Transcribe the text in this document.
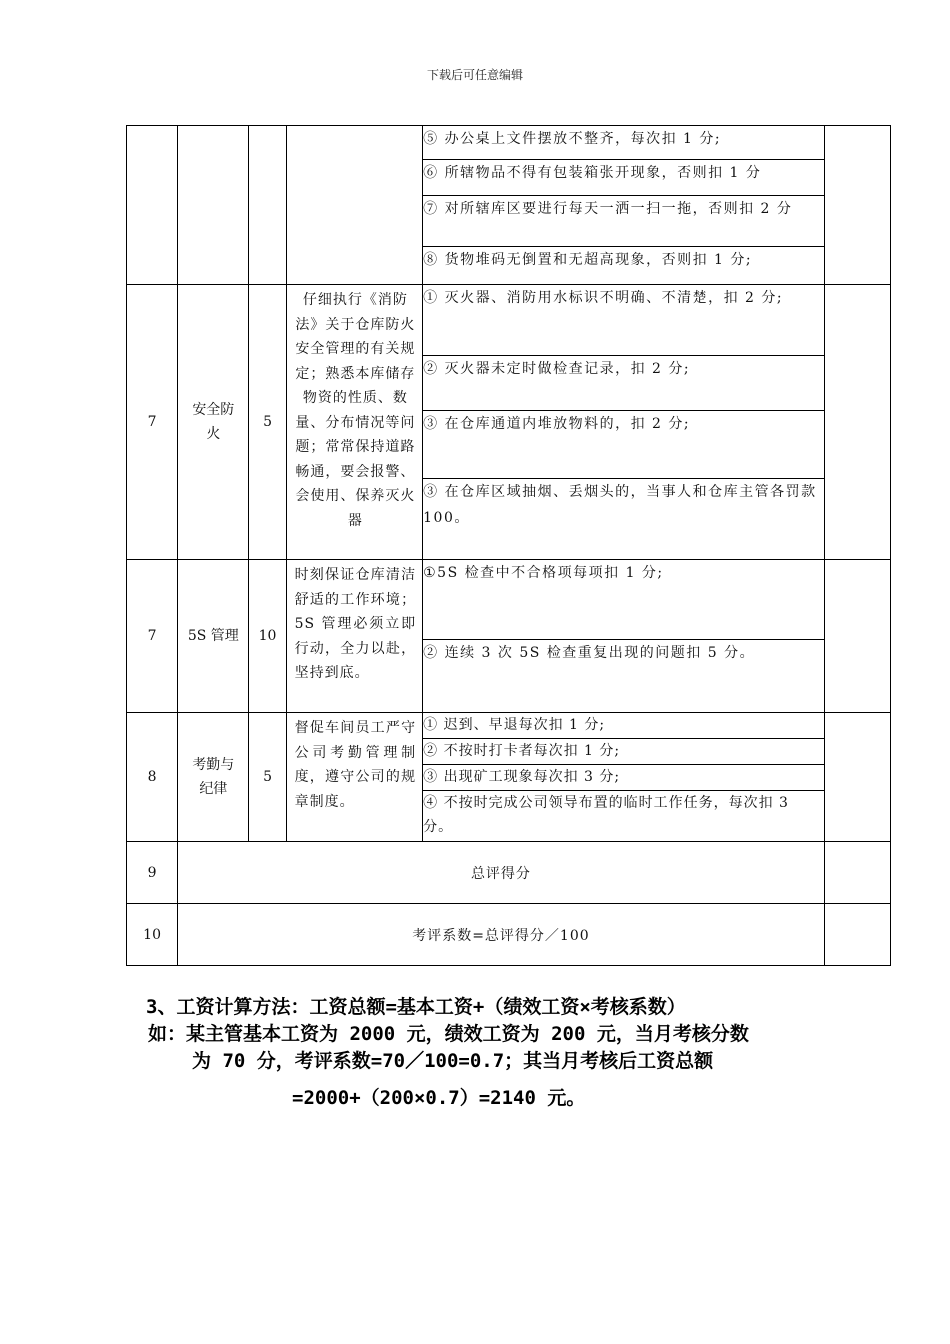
下载后可任意编辑
				⑤ 办公桌上文件摆放不整齐，每次扣 1 分;	
				⑥ 所辖物品不得有包装箱张开现象，否则扣 1 分	
				⑦ 对所辖库区要进行每天一洒一扫一拖，否则扣 2 分	
				⑧ 货物堆码无倒置和无超高现象，否则扣 1 分;	
7	安全防火	5	仔细执行《消防法》关于仓库防火安全管理的有关规定；熟悉本库储存物资的性质、数量、分布情况等问题；常常保持道路畅通，要会报警、会使用、保养灭火器	① 灭火器、消防用水标识不明确、不清楚，扣 2 分;	
				② 灭火器未定时做检查记录，扣 2 分;	
				③ 在仓库通道内堆放物料的，扣 2 分;	
				③ 在仓库区域抽烟、丢烟头的，当事人和仓库主管各罚款 100。	
7	5S 管理	10	时刻保证仓库清洁舒适的工作环境；5S 管理必须立即行动，全力以赴，坚持到底。	①5S 检查中不合格项每项扣 1 分;	
				② 连续 3 次 5S 检查重复出现的问题扣 5 分。	
8	考勤与纪律	5	督促车间员工严守公司考勤管理制度，遵守公司的规章制度。	① 迟到、早退每次扣 1 分;	
				② 不按时打卡者每次扣 1 分;	
				③ 出现矿工现象每次扣 3 分;	
				④ 不按时完成公司领导布置的临时工作任务，每次扣 3 分。	
9	总评得分				
10	考评系数=总评得分／100				
3、工资计算方法：工资总额=基本工资+（绩效工资×考核系数）
如：某主管基本工资为 2000 元，绩效工资为 200 元，当月考核分数
为 70 分，考评系数=70／100=0.7；其当月考核后工资总额
=2000+（200×0.7）=2140 元。
